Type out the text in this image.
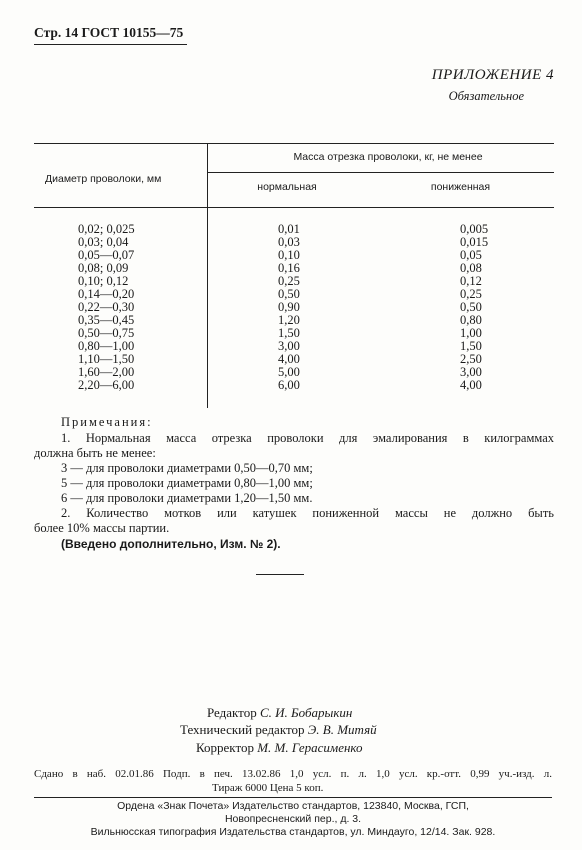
Стр. 14 ГОСТ 10155—75
ПРИЛОЖЕНИЕ 4
Обязательное
Диаметр проволоки, мм
Масса отрезка проволоки, кг, не менее
нормальная	пониженная
0,02; 0,025
0,03; 0,04
0,05—0,07
0,08; 0,09
0,10; 0,12
0,14—0,20
0,22—0,30
0,35—0,45
0,50—0,75
0,80—1,00
1,10—1,50
1,60—2,00
2,20—6,00
0,01
0,03
0,10
0,16
0,25
0,50
0,90
1,20
1,50
3,00
4,00
5,00
6,00
0,005
0,015
0,05
0,08
0,12
0,25
0,50
0,80
1,00
1,50
2,50
3,00
4,00
Примечания:
1. Нормальная масса отрезка проволоки для эмалирования в килограммах
должна быть не менее:
3 — для проволоки диаметрами 0,50—0,70 мм;
5 — для проволоки диаметрами 0,80—1,00 мм;
6 — для проволоки диаметрами 1,20—1,50 мм.
2. Количество мотков или катушек пониженной массы не должно быть
более 10% массы партии.
(Введено дополнительно, Изм. № 2).
Редактор С. И. Бобарыкин
Технический редактор Э. В. Митяй
Корректор М. М. Герасименко
Сдано в наб. 02.01.86 Подп. в печ. 13.02.86 1,0 усл. п. л. 1,0 усл. кр.-отт. 0,99 уч.-изд. л.
Тираж 6000 Цена 5 коп.
Ордена «Знак Почета» Издательство стандартов, 123840, Москва, ГСП,
Новопресненский пер., д. 3.
Вильнюсская типография Издательства стандартов, ул. Миндауго, 12/14. Зак. 928.
